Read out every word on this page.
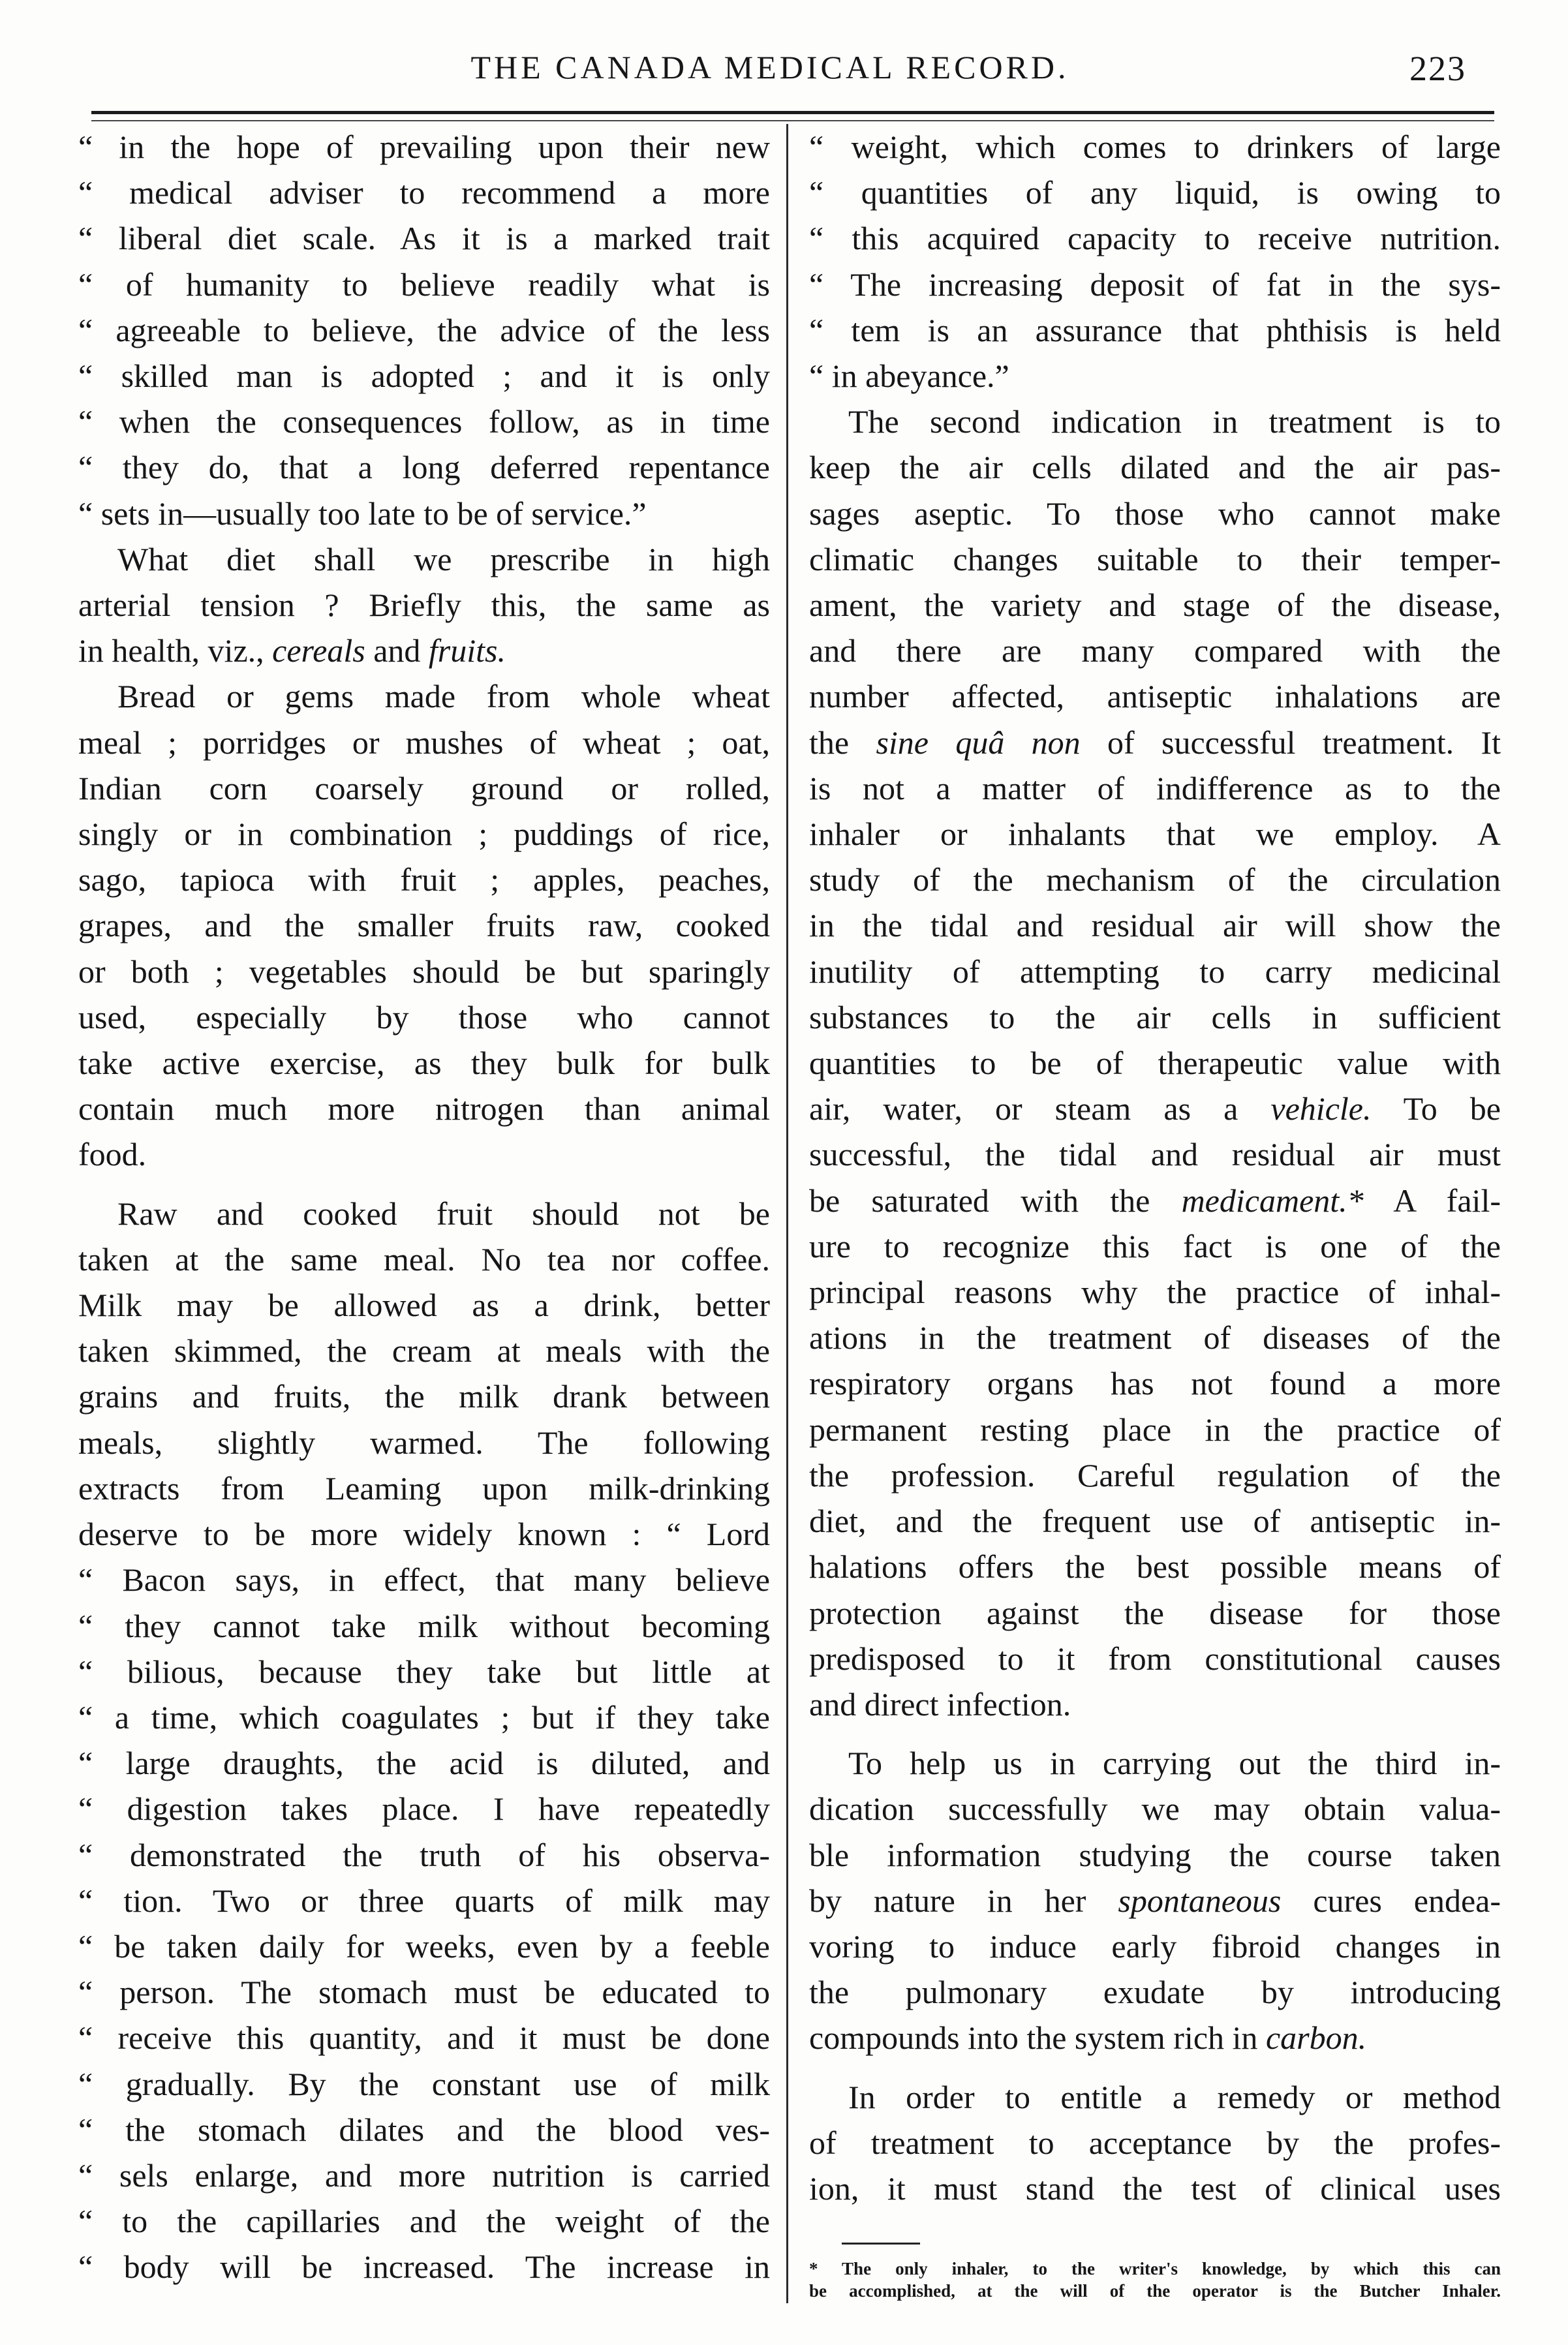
THE CANADA MEDICAL RECORD.	223
“ in the hope of prevailing upon their new
“ medical adviser to recommend a more
“ liberal diet scale. As it is a marked trait
“ of humanity to believe readily what is
“ agreeable to believe, the advice of the less
“ skilled man is adopted ; and it is only
“ when the consequences follow, as in time
“ they do, that a long deferred repentance
“ sets in—usually too late to be of service.”
What diet shall we prescribe in high
arterial tension ? Briefly this, the same as
in health, viz., cereals and fruits.
Bread or gems made from whole wheat
meal ; porridges or mushes of wheat ; oat,
Indian corn coarsely ground or rolled,
singly or in combination ; puddings of rice,
sago, tapioca with fruit ; apples, peaches,
grapes, and the smaller fruits raw, cooked
or both ; vegetables should be but sparingly
used, especially by those who cannot
take active exercise, as they bulk for bulk
contain much more nitrogen than animal
food.
Raw and cooked fruit should not be
taken at the same meal. No tea nor coffee.
Milk may be allowed as a drink, better
taken skimmed, the cream at meals with the
grains and fruits, the milk drank between
meals, slightly warmed. The following
extracts from Leaming upon milk-drinking
deserve to be more widely known : “ Lord
“ Bacon says, in effect, that many believe
“ they cannot take milk without becoming
“ bilious, because they take but little at
“ a time, which coagulates ; but if they take
“ large draughts, the acid is diluted, and
“ digestion takes place. I have repeatedly
“ demonstrated the truth of his observa-
“ tion. Two or three quarts of milk may
“ be taken daily for weeks, even by a feeble
“ person. The stomach must be educated to
“ receive this quantity, and it must be done
“ gradually. By the constant use of milk
“ the stomach dilates and the blood ves-
“ sels enlarge, and more nutrition is carried
“ to the capillaries and the weight of the
“ body will be increased. The increase in
“ weight, which comes to drinkers of large
“ quantities of any liquid, is owing to
“ this acquired capacity to receive nutrition.
“ The increasing deposit of fat in the sys-
“ tem is an assurance that phthisis is held
“ in abeyance.”
The second indication in treatment is to
keep the air cells dilated and the air pas-
sages aseptic. To those who cannot make
climatic changes suitable to their temper-
ament, the variety and stage of the disease,
and there are many compared with the
number affected, antiseptic inhalations are
the sine quâ non of successful treatment. It
is not a matter of indifference as to the
inhaler or inhalants that we employ. A
study of the mechanism of the circulation
in the tidal and residual air will show the
inutility of attempting to carry medicinal
substances to the air cells in sufficient
quantities to be of therapeutic value with
air, water, or steam as a vehicle. To be
successful, the tidal and residual air must
be saturated with the medicament.* A fail-
ure to recognize this fact is one of the
principal reasons why the practice of inhal-
ations in the treatment of diseases of the
respiratory organs has not found a more
permanent resting place in the practice of
the profession. Careful regulation of the
diet, and the frequent use of antiseptic in-
halations offers the best possible means of
protection against the disease for those
predisposed to it from constitutional causes
and direct infection.
To help us in carrying out the third in-
dication successfully we may obtain valua-
ble information studying the course taken
by nature in her spontaneous cures endea-
voring to induce early fibroid changes in
the pulmonary exudate by introducing
compounds into the system rich in carbon.
In order to entitle a remedy or method
of treatment to acceptance by the profes-
ion, it must stand the test of clinical uses
* The only inhaler, to the writer's knowledge, by which this can
be accomplished, at the will of the operator is the Butcher Inhaler.
